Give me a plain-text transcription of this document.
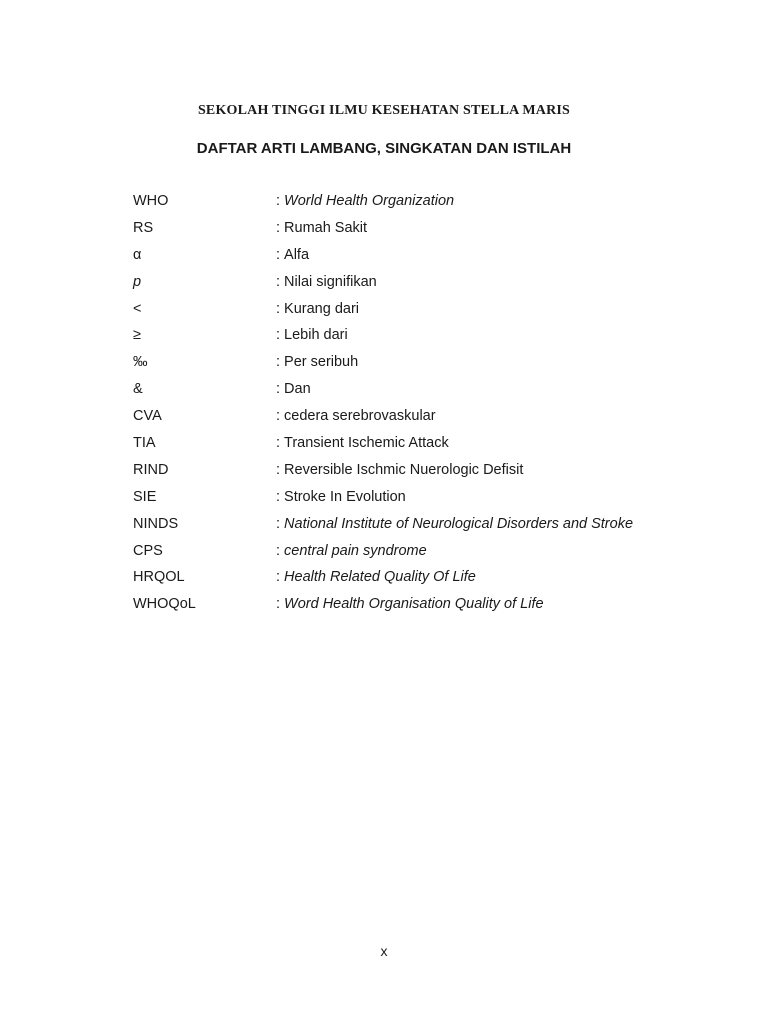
SEKOLAH TINGGI ILMU KESEHATAN STELLA MARIS
DAFTAR ARTI LAMBANG, SINGKATAN DAN ISTILAH
WHO	: World Health Organization
RS	: Rumah Sakit
α	: Alfa
p	: Nilai signifikan
<	: Kurang dari
≥	: Lebih dari
‰	: Per seribuh
&	: Dan
CVA	: cedera serebrovaskular
TIA	: Transient Ischemic Attack
RIND	: Reversible Ischmic Nuerologic Defisit
SIE	: Stroke In Evolution
NINDS	: National Institute of Neurological Disorders and Stroke
CPS	: central pain syndrome
HRQOL	: Health Related Quality Of Life
WHOQoL	: Word Health Organisation Quality of Life
x
